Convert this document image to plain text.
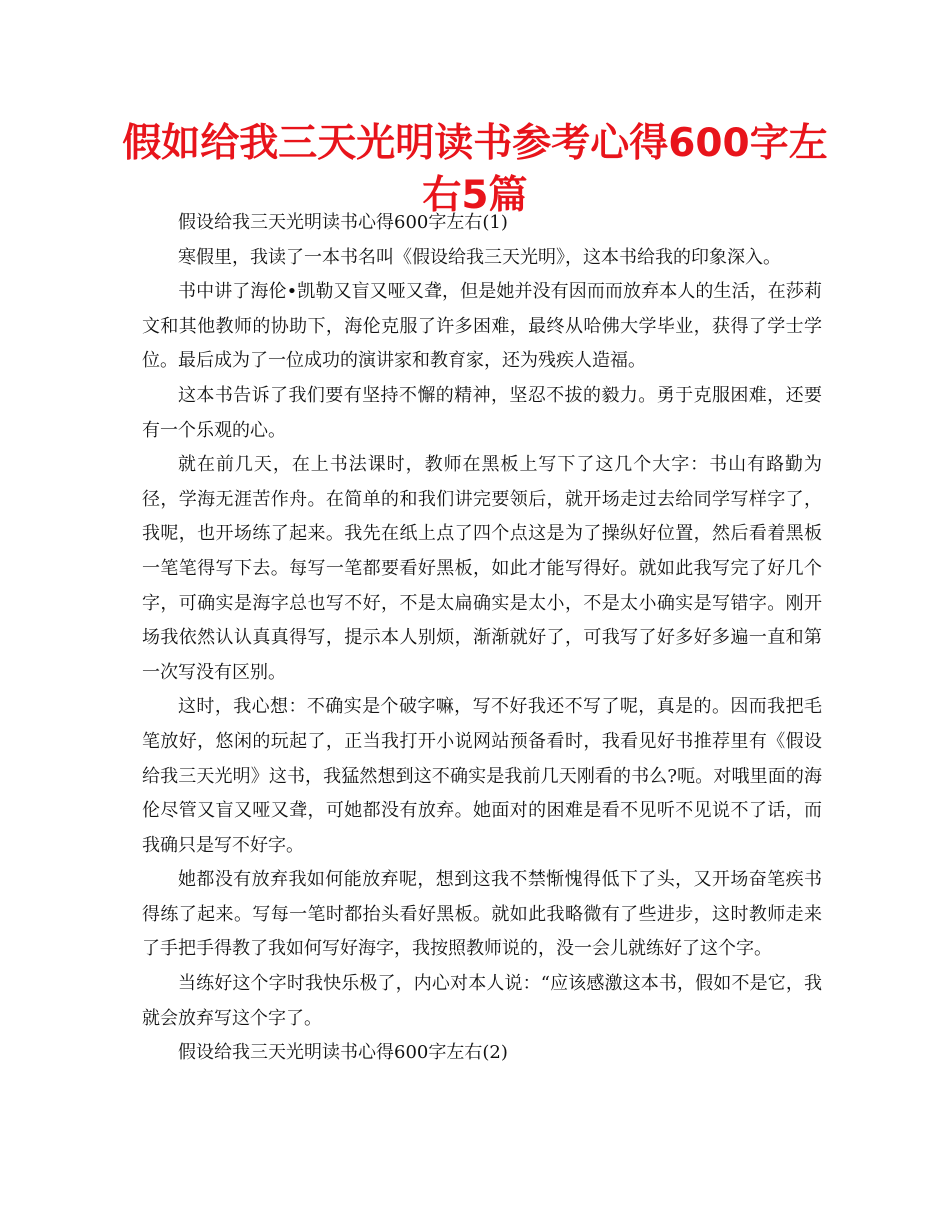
假如给我三天光明读书参考心得600字左
右5篇

假设给我三天光明读书心得600字左右(1)

寒假里，我读了一本书名叫《假设给我三天光明》，这本书给我的印象深入。

书中讲了海伦•凯勒又盲又哑又聋，但是她并没有因而而放弃本人的生活，在莎莉文和其他教师的协助下，海伦克服了许多困难，最终从哈佛大学毕业，获得了学士学位。最后成为了一位成功的演讲家和教育家，还为残疾人造福。

这本书告诉了我们要有坚持不懈的精神，坚忍不拔的毅力。勇于克服困难，还要有一个乐观的心。

就在前几天，在上书法课时，教师在黑板上写下了这几个大字：书山有路勤为径，学海无涯苦作舟。在简单的和我们讲完要领后，就开场走过去给同学写样字了，我呢，也开场练了起来。我先在纸上点了四个点这是为了操纵好位置，然后看着黑板一笔笔得写下去。每写一笔都要看好黑板，如此才能写得好。就如此我写完了好几个字，可确实是海字总也写不好，不是太扁确实是太小，不是太小确实是写错字。刚开场我依然认认真真得写，提示本人别烦，渐渐就好了，可我写了好多好多遍一直和第一次写没有区别。

这时，我心想：不确实是个破字嘛，写不好我还不写了呢，真是的。因而我把毛笔放好，悠闲的玩起了，正当我打开小说网站预备看时，我看见好书推荐里有《假设给我三天光明》这书，我猛然想到这不确实是我前几天刚看的书么?呃。对哦里面的海伦尽管又盲又哑又聋，可她都没有放弃。她面对的困难是看不见听不见说不了话，而我确只是写不好字。

她都没有放弃我如何能放弃呢，想到这我不禁惭愧得低下了头，又开场奋笔疾书得练了起来。写每一笔时都抬头看好黑板。就如此我略微有了些进步，这时教师走来了手把手得教了我如何写好海字，我按照教师说的，没一会儿就练好了这个字。

当练好这个字时我快乐极了，内心对本人说：“应该感激这本书，假如不是它，我就会放弃写这个字了。

假设给我三天光明读书心得600字左右(2)
